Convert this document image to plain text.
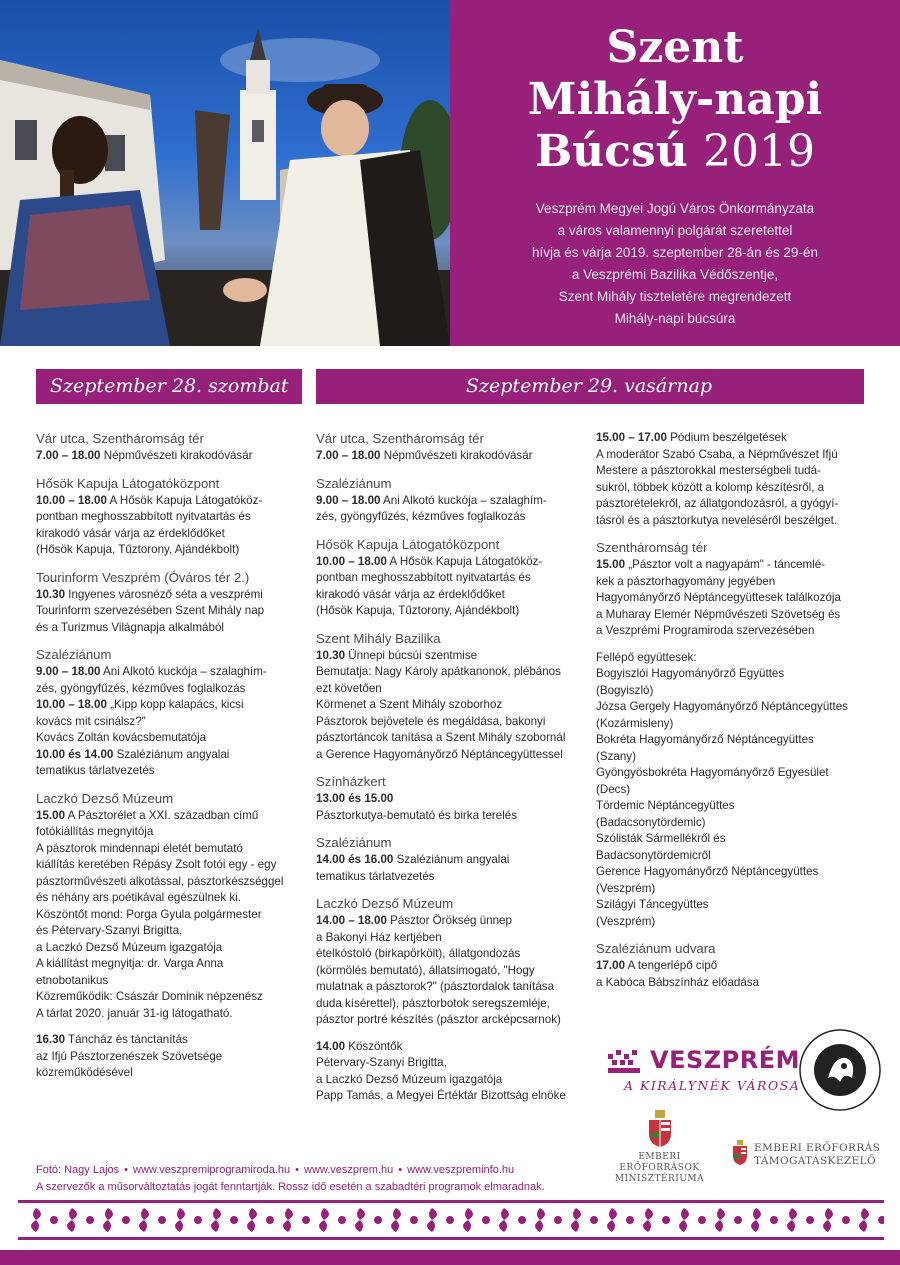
Szent
Mihály-napi
Búcsú 2019
Veszprém Megyei Jogú Város Önkormányzata
a város valamennyi polgárát szeretettel
hívja és várja 2019. szeptember 28-án és 29-én
a Veszprémi Bazilika Védőszentje,
Szent Mihály tiszteletére megrendezett
Mihály-napi búcsúra
Szeptember 28. szombat	Szeptember 29. vasárnap
Vár utca, Szentháromság tér
7.00 – 18.00 Népművészeti kirakodóvásár
Hősök Kapuja Látogatóközpont
10.00 – 18.00 A Hősök Kapuja Látogatóköz-
pontban meghosszabbított nyitvatartás és
kirakodó vásár várja az érdeklődőket
(Hősök Kapuja, Tűztorony, Ajándékbolt)
Tourinform Veszprém (Óváros tér 2.)
10.30 Ingyenes városnéző séta a veszprémi
Tourinform szervezésében Szent Mihály nap
és a Turizmus Világnapja alkalmából
Szaléziánum
9.00 – 18.00 Ani Alkotó kuckója – szalaghím-
zés, gyöngyfűzés, kézműves foglalkozás
10.00 – 18.00 „Kipp kopp kalapács, kicsi
kovács mit csinálsz?"
Kovács Zoltán kovácsbemutatója
10.00 és 14.00 Szaléziánum angyalai
tematikus tárlatvezetés
Laczkó Dezső Múzeum
15.00 A Pásztorélet a XXI. században című
fotókiállítás megnyitója
A pásztorok mindennapi életét bemutató
kiállítás keretében Répásy Zsolt fotói egy - egy
pásztorművészeti alkotással, pásztorkészséggel
és néhány ars poétikával egészülnek ki.
Köszöntőt mond: Porga Gyula polgármester
és Pétervary-Szanyi Brigitta,
a Laczkó Dezső Múzeum igazgatója
A kiállítást megnyitja: dr. Varga Anna
etnobotanikus
Közreműködik: Császár Dominik népzenész
A tárlat 2020. január 31-ig látogatható.
16.30 Táncház és tánctanítás
az Ifjú Pásztorzenészek Szövetsége
közreműködésével
Vár utca, Szentháromság tér
7.00 – 18.00 Népművészeti kirakodóvásár
Szaléziánum
9.00 – 18.00 Ani Alkotó kuckója – szalaghím-
zés, gyöngyfűzés, kézműves foglalkozás
Hősök Kapuja Látogatóközpont
10.00 – 18.00 A Hősök Kapuja Látogatóköz-
pontban meghosszabbított nyitvatartás és
kirakodó vásár várja az érdeklődőket
(Hősök Kapuja, Tűztorony, Ajándékbolt)
Szent Mihály Bazilika
10.30 Ünnepi búcsúi szentmise
Bemutatja: Nagy Károly apátkanonok, plébános
ezt követően
Körmenet a Szent Mihály szoborhoz
Pásztorok bejövetele és megáldása, bakonyi
pásztortáncok tanítása a Szent Mihály szobornál
a Gerence Hagyományőrző Néptáncegyüttessel
Színházkert
13.00 és 15.00
Pásztorkutya-bemutató és birka terelés
Szaléziánum
14.00 és 16.00 Szaléziánum angyalai
tematikus tárlatvezetés
Laczkó Dezső Múzeum
14.00 – 18.00 Pásztor Örökség ünnep
a Bakonyi Ház kertjében
ételkóstoló (birkapörkölt), állatgondozás
(körmölés bemutató), állatsimogató, "Hogy
mulatnak a pásztorok?" (pásztordalok tanítása
duda kísérettel), pásztorbotok seregszemléje,
pásztor portré készítés (pásztor arcképcsarnok)
14.00 Köszöntők
Pétervary-Szanyi Brigitta,
a Laczkó Dezső Múzeum igazgatója
Papp Tamás, a Megyei Értéktár Bizottság elnöke
15.00 – 17.00 Pódium beszélgetések
A moderátor Szabó Csaba, a Népművészet Ifjú
Mestere a pásztorokkal mesterségbeli tudá-
sukról, többek között a kolomp készítésről, a
pásztorételekről, az állatgondozásról, a gyógyí-
tásról és a pásztorkutya neveléséről beszélget.
Szentháromság tér
15.00 „Pásztor volt a nagyapám" - táncemlé-
kek a pásztorhagyomány jegyében
Hagyományőrző Néptáncegyüttesek találkozója
a Muharay Elemér Népművészeti Szövetség és
a Veszprémi Programiroda szervezésében
Fellépő együttesek:
Bogyiszlói Hagyományőrző Együttes
(Bogyiszló)
Józsa Gergely Hagyományőrző Néptáncegyüttes
(Kozármisleny)
Bokréta Hagyományőrző Néptáncegyüttes
(Szany)
Gyöngyösbokréta Hagyományőrző Egyesület
(Decs)
Tördemic Néptáncegyüttes
(Badacsonytördemic)
Szólisták Sármellékről és
Badacsonytördemicről
Gerence Hagyományőrző Néptáncegyüttes
(Veszprém)
Szilágyi Táncegyüttes
(Veszprém)
Szaléziánum udvara
17.00 A tengerlépő cipő
a Kabóca Bábszínház előadása
VESZPRÉM
A KIRÁLYNÉK VÁROSA
EMBERI ERŐFORRÁSOK
MINISZTÉRIUMA
EMBERI ERŐFORRÁS
TÁMOGATÁSKEZELŐ
Fotó: Nagy Lajos • www.veszpremiprogramiroda.hu • www.veszprem.hu • www.veszpreminfo.hu
A szervezők a műsorváltoztatás jogát fenntartják. Rossz idő esetén a szabadtéri programok elmaradnak.
